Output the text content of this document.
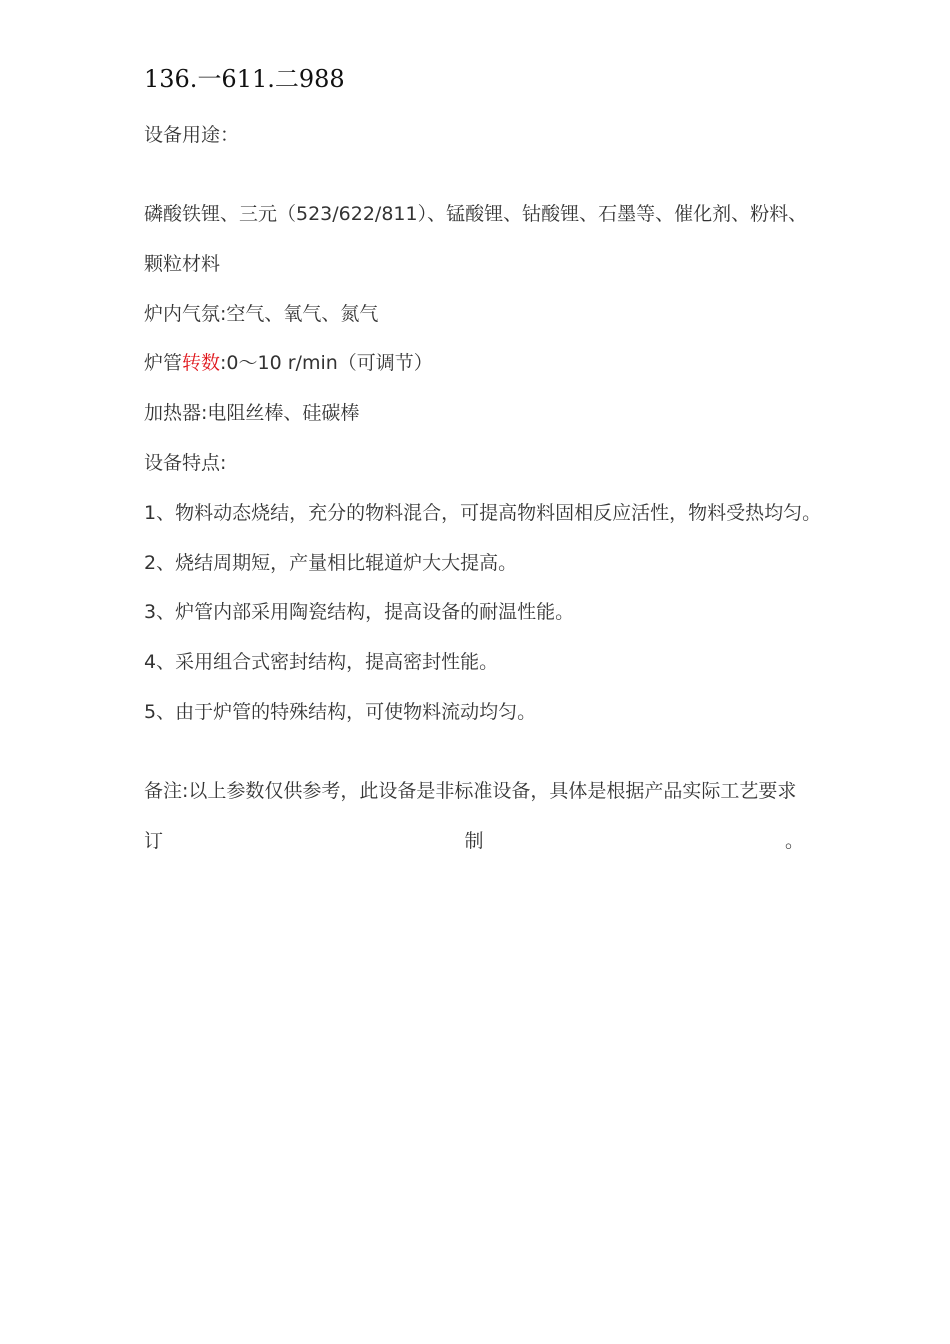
136.一611.二988
设备用途：
磷酸铁锂、三元（523/622/811）、锰酸锂、钴酸锂、石墨等、催化剂、粉料、
颗粒材料
炉内气氛:空气、氧气、氮气
炉管转数:0～10 r/min（可调节）
加热器:电阻丝棒、硅碳棒
设备特点:
1、物料动态烧结，充分的物料混合，可提高物料固相反应活性，物料受热均匀。
2、烧结周期短，产量相比辊道炉大大提高。
3、炉管内部采用陶瓷结构，提高设备的耐温性能。
4、采用组合式密封结构，提高密封性能。
5、由于炉管的特殊结构，可使物料流动均匀。
备注:以上参数仅供参考，此设备是非标准设备，具体是根据产品实际工艺要求
订	制	。
